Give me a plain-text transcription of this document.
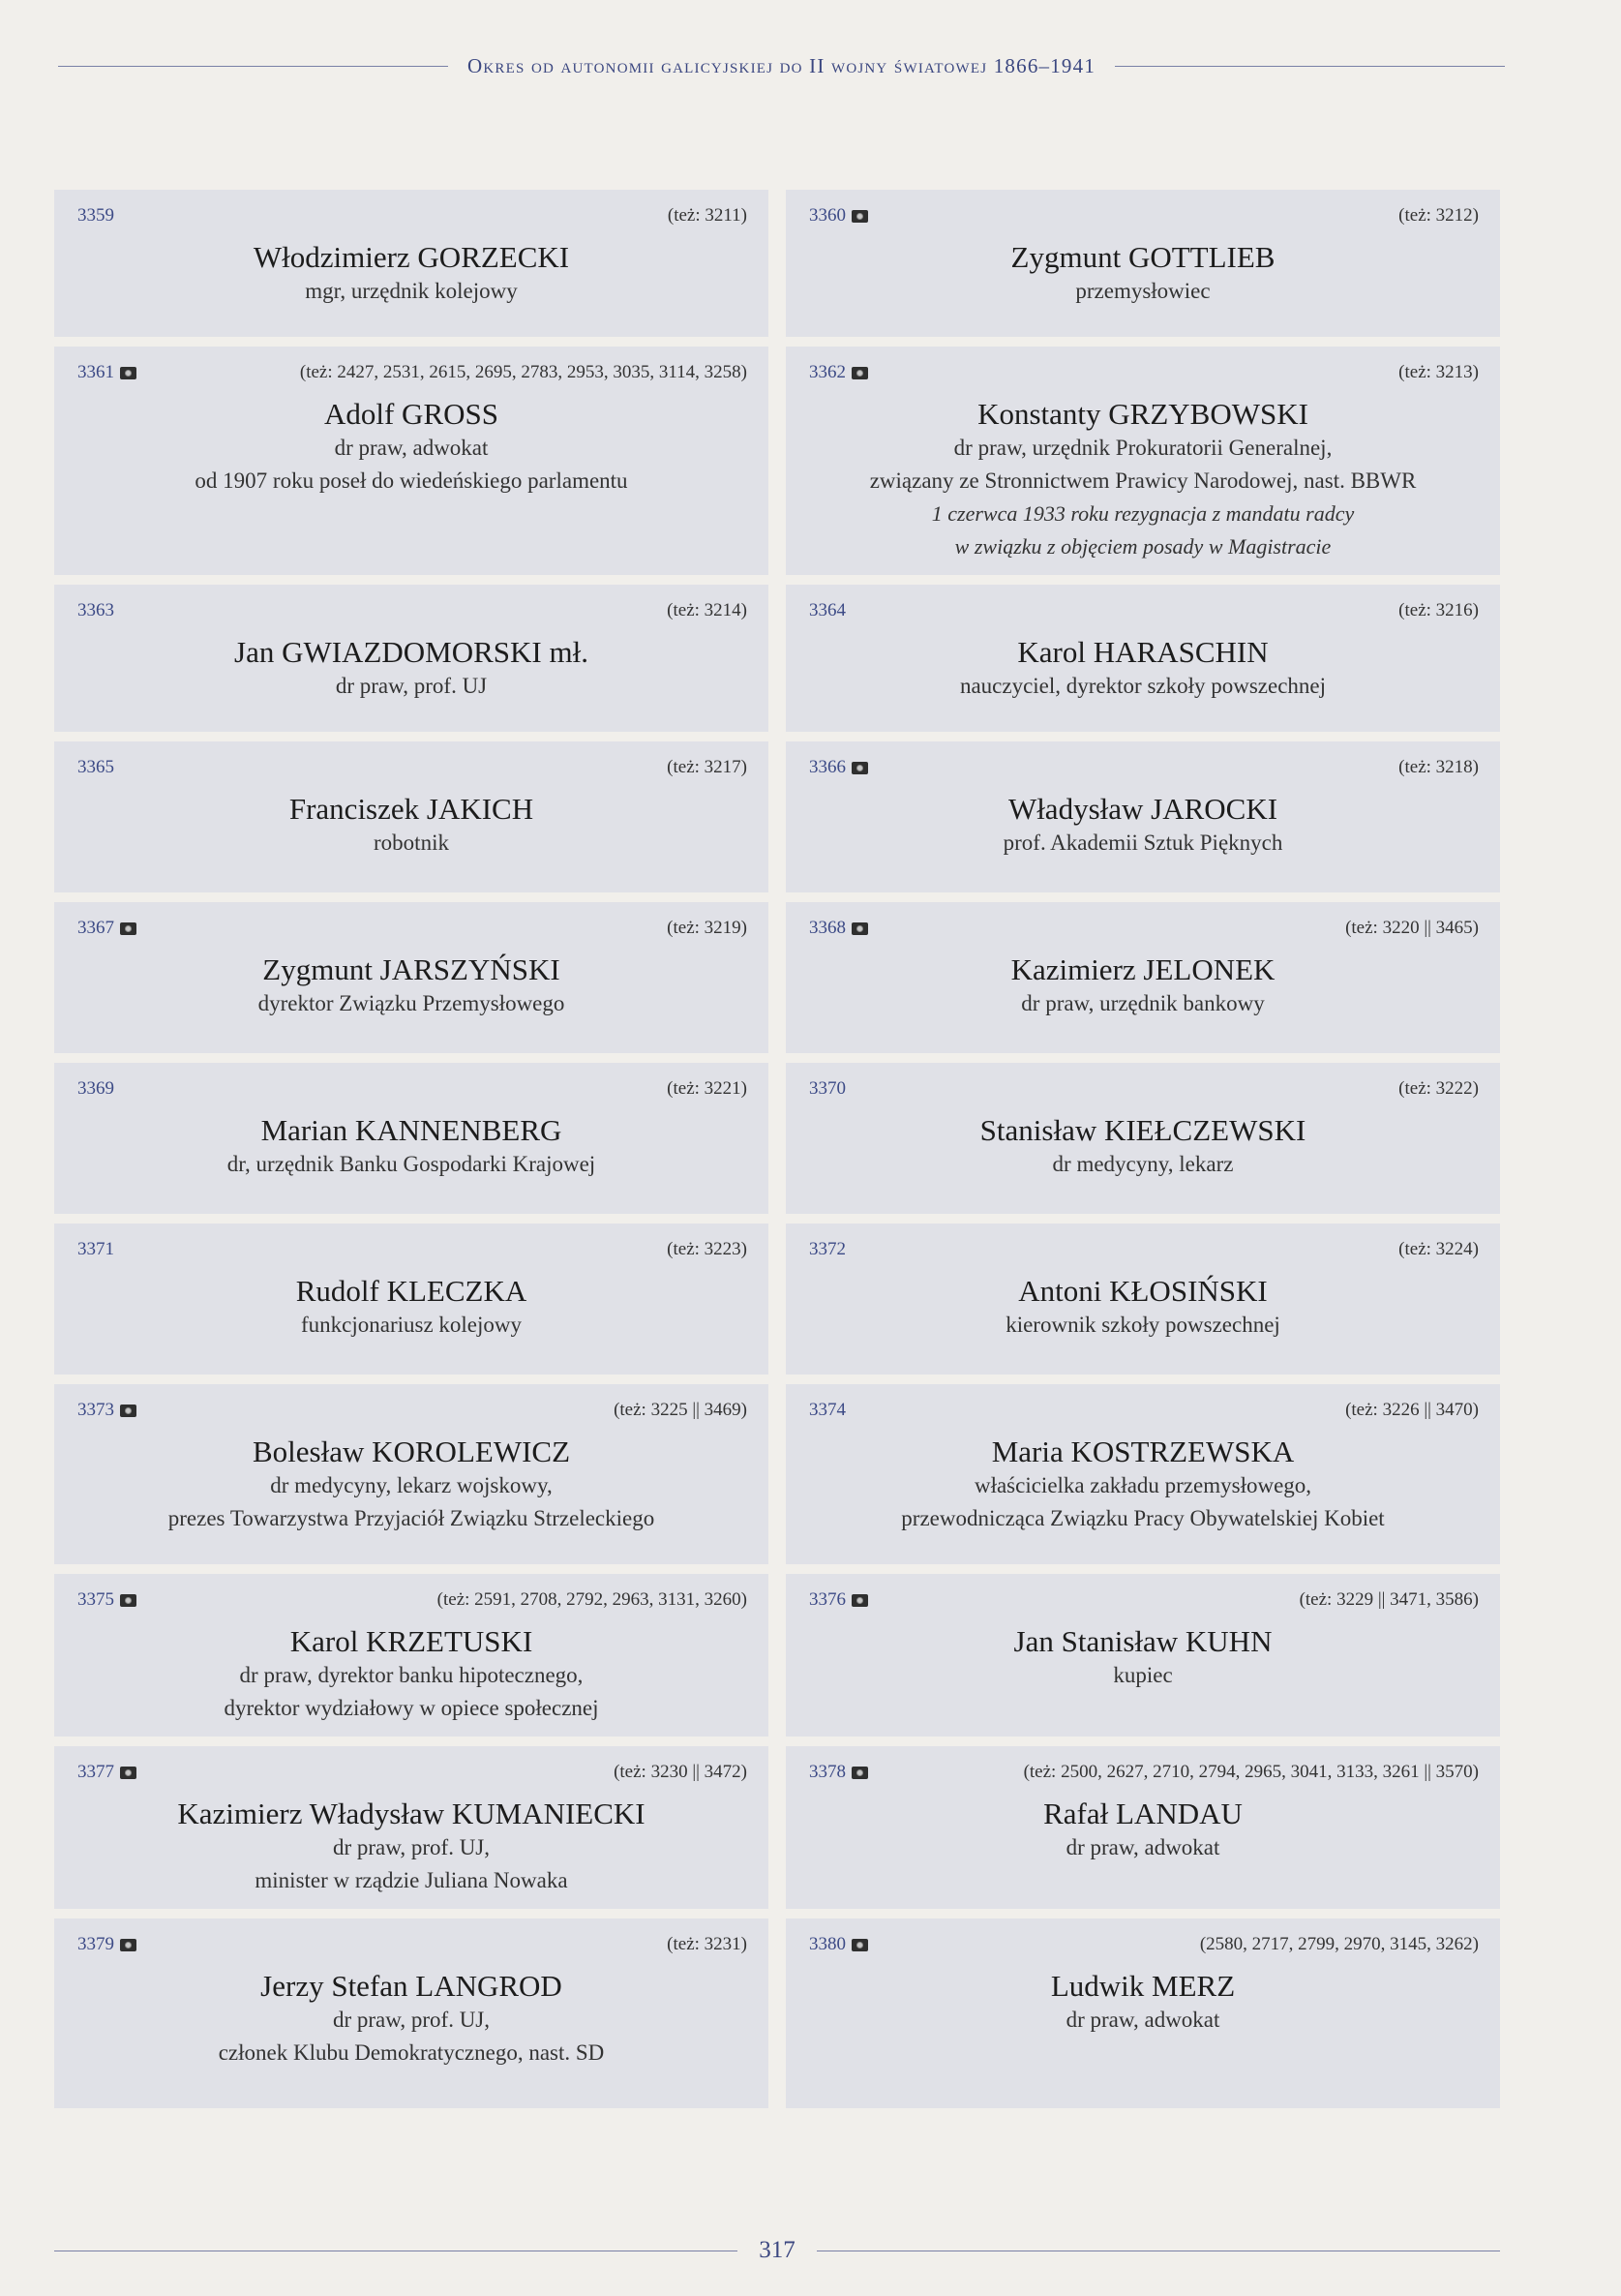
Okres od autonomii galicyjskiej do II wojny światowej 1866–1941
3359	(też: 3211)
Włodzimierz GORZECKI
mgr, urzędnik kolejowy
3360	(też: 3212)
Zygmunt GOTTLIEB
przemysłowiec
3361	(też: 2427, 2531, 2615, 2695, 2783, 2953, 3035, 3114, 3258)
Adolf GROSS
dr praw, adwokat
od 1907 roku poseł do wiedeńskiego parlamentu
3362	(też: 3213)
Konstanty GRZYBOWSKI
dr praw, urzędnik Prokuratorii Generalnej,
związany ze Stronnictwem Prawicy Narodowej, nast. BBWR
1 czerwca 1933 roku rezygnacja z mandatu radcy
w związku z objęciem posady w Magistracie
3363	(też: 3214)
Jan GWIAZDOMORSKI mł.
dr praw, prof. UJ
3364	(też: 3216)
Karol HARASCHIN
nauczyciel, dyrektor szkoły powszechnej
3365	(też: 3217)
Franciszek JAKICH
robotnik
3366	(też: 3218)
Władysław JAROCKI
prof. Akademii Sztuk Pięknych
3367	(też: 3219)
Zygmunt JARSZYŃSKI
dyrektor Związku Przemysłowego
3368	(też: 3220 || 3465)
Kazimierz JELONEK
dr praw, urzędnik bankowy
3369	(też: 3221)
Marian KANNENBERG
dr, urzędnik Banku Gospodarki Krajowej
3370	(też: 3222)
Stanisław KIEŁCZEWSKI
dr medycyny, lekarz
3371	(też: 3223)
Rudolf KLECZKA
funkcjonariusz kolejowy
3372	(też: 3224)
Antoni KŁOSIŃSKI
kierownik szkoły powszechnej
3373	(też: 3225 || 3469)
Bolesław KOROLEWICZ
dr medycyny, lekarz wojskowy,
prezes Towarzystwa Przyjaciół Związku Strzeleckiego
3374	(też: 3226 || 3470)
Maria KOSTRZEWSKA
właścicielka zakładu przemysłowego,
przewodnicząca Związku Pracy Obywatelskiej Kobiet
3375	(też: 2591, 2708, 2792, 2963, 3131, 3260)
Karol KRZETUSKI
dr praw, dyrektor banku hipotecznego,
dyrektor wydziałowy w opiece społecznej
3376	(też: 3229 || 3471, 3586)
Jan Stanisław KUHN
kupiec
3377	(też: 3230 || 3472)
Kazimierz Władysław KUMANIECKI
dr praw, prof. UJ,
minister w rządzie Juliana Nowaka
3378	(też: 2500, 2627, 2710, 2794, 2965, 3041, 3133, 3261 || 3570)
Rafał LANDAU
dr praw, adwokat
3379	(też: 3231)
Jerzy Stefan LANGROD
dr praw, prof. UJ,
członek Klubu Demokratycznego, nast. SD
3380	(2580, 2717, 2799, 2970, 3145, 3262)
Ludwik MERZ
dr praw, adwokat
317
